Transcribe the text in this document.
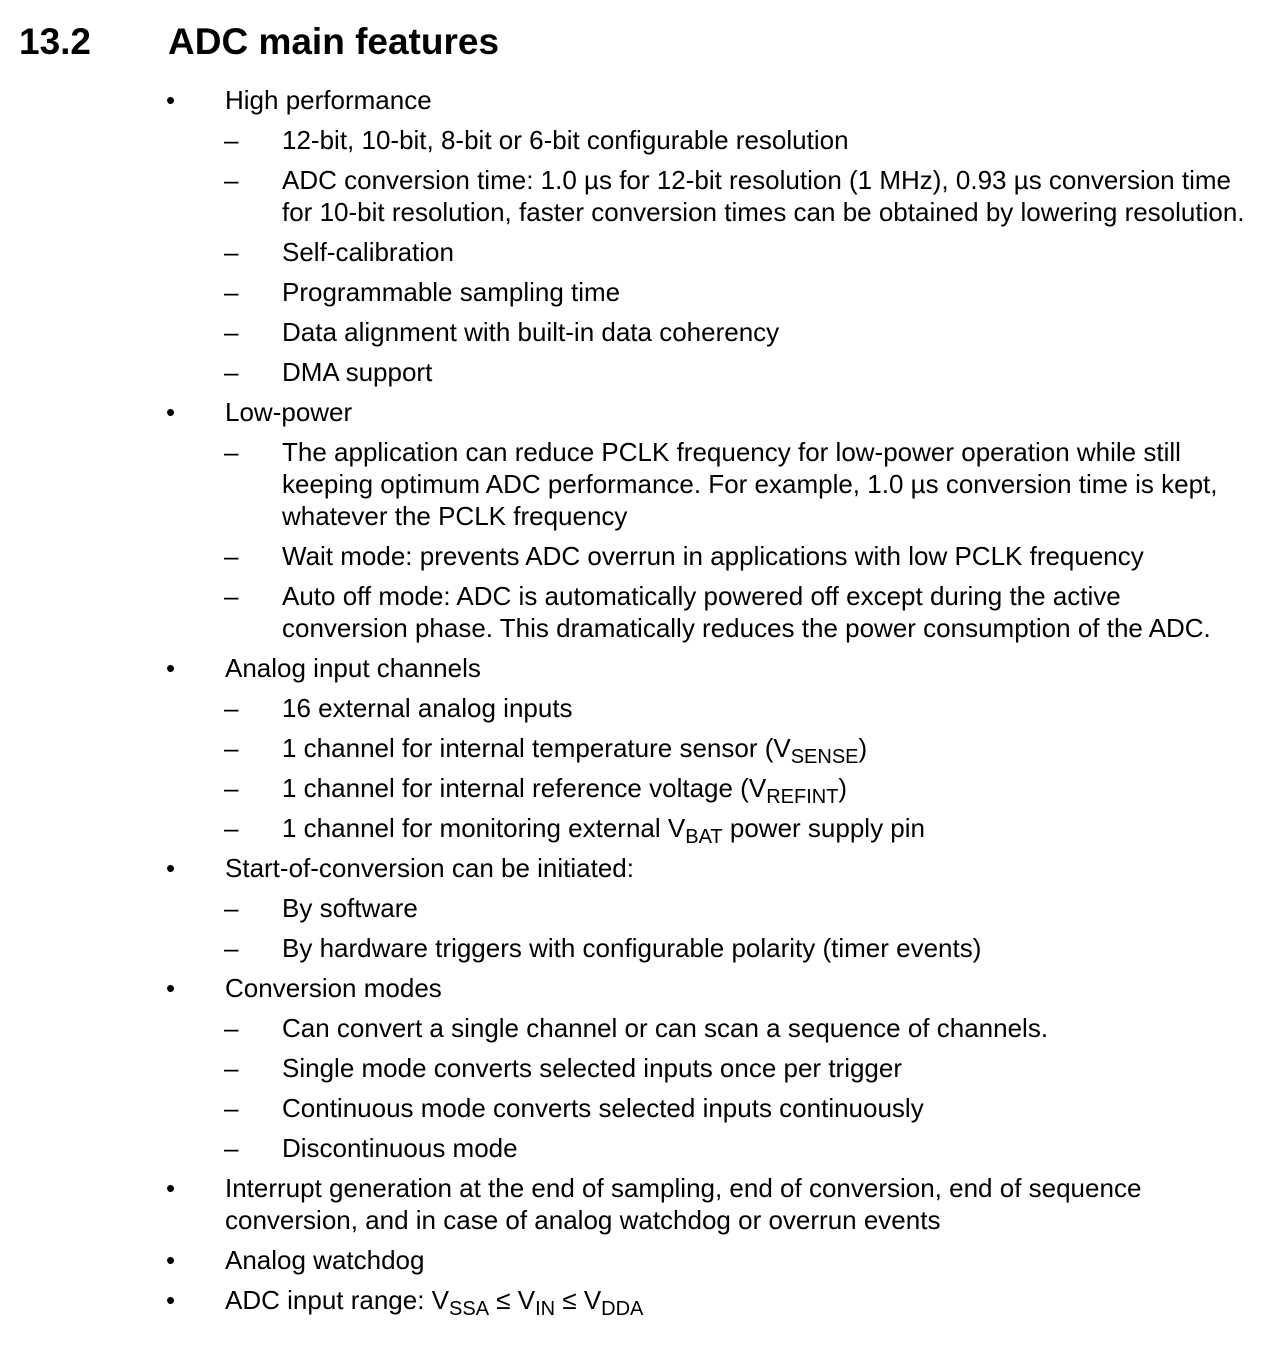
13.2 ADC main features
•	High performance
– 12-bit, 10-bit, 8-bit or 6-bit configurable resolution
– ADC conversion time: 1.0 µs for 12-bit resolution (1 MHz), 0.93 µs conversion time for 10-bit resolution, faster conversion times can be obtained by lowering resolution.
– Self-calibration
– Programmable sampling time
– Data alignment with built-in data coherency
– DMA support
•	Low-power
– The application can reduce PCLK frequency for low-power operation while still keeping optimum ADC performance. For example, 1.0 µs conversion time is kept, whatever the PCLK frequency
– Wait mode: prevents ADC overrun in applications with low PCLK frequency
– Auto off mode: ADC is automatically powered off except during the active conversion phase. This dramatically reduces the power consumption of the ADC.
•	Analog input channels
– 16 external analog inputs
– 1 channel for internal temperature sensor $(V_{SENSE})$
– 1 channel for internal reference voltage $(V_{REFINT})$
– 1 channel for monitoring external $V_{BAT}$ power supply pin
•	Start-of-conversion can be initiated:
– By software
– By hardware triggers with configurable polarity (timer events)
•	Conversion modes
– Can convert a single channel or can scan a sequence of channels.
– Single mode converts selected inputs once per trigger
– Continuous mode converts selected inputs continuously
– Discontinuous mode
•	Interrupt generation at the end of sampling, end of conversion, end of sequence conversion, and in case of analog watchdog or overrun events
•	Analog watchdog
•	ADC input range: $V_{SSA} \le V_{IN} \le V_{DDA}$
